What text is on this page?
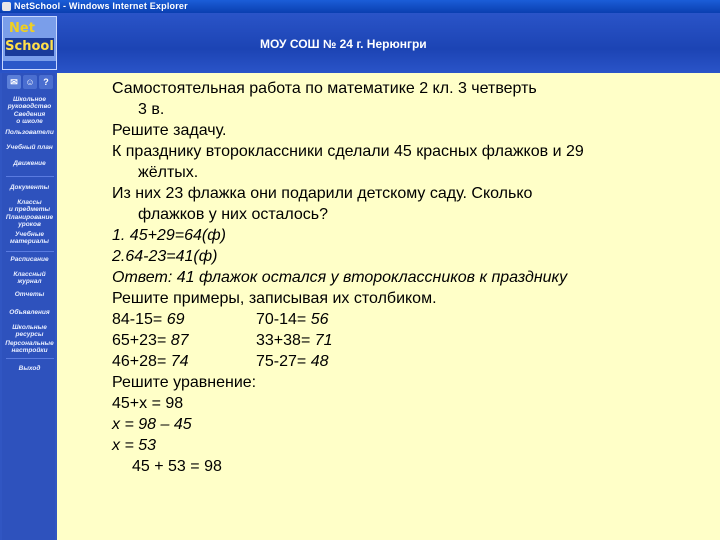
NetSchool - Windows Internet Explorer
МОУ СОШ № 24 г. Нерюнгри
Net
School
✉ ☺ ?
Школьное
руководство
Сведения
о школе
Пользователи
Учебный план
Движение
Документы
Классы
и предметы
Планирование
уроков
Учебные
материалы
Расписание
Классный
журнал
Отчеты
Объявления
Школьные
ресурсы
Персональные
настройки
Выход
Самостоятельная работа по математике 2 кл. 3 четверть
3 в.
Решите задачу.
К празднику второклассники сделали 45 красных флажков и 29
жёлтых.
Из них 23 флажка они подарили детскому саду. Сколько
флажков у них осталось?
1. 45+29=64(ф)
2.64-23=41(ф)
Ответ: 41 флажок остался у второклассников к празднику
Решите примеры, записывая их столбиком.
84-15= 69	70-14= 56
65+23= 87	33+38= 71
46+28= 74	75-27= 48
Решите уравнение:
45+х = 98
х = 98 – 45
х = 53
45 + 53 = 98
